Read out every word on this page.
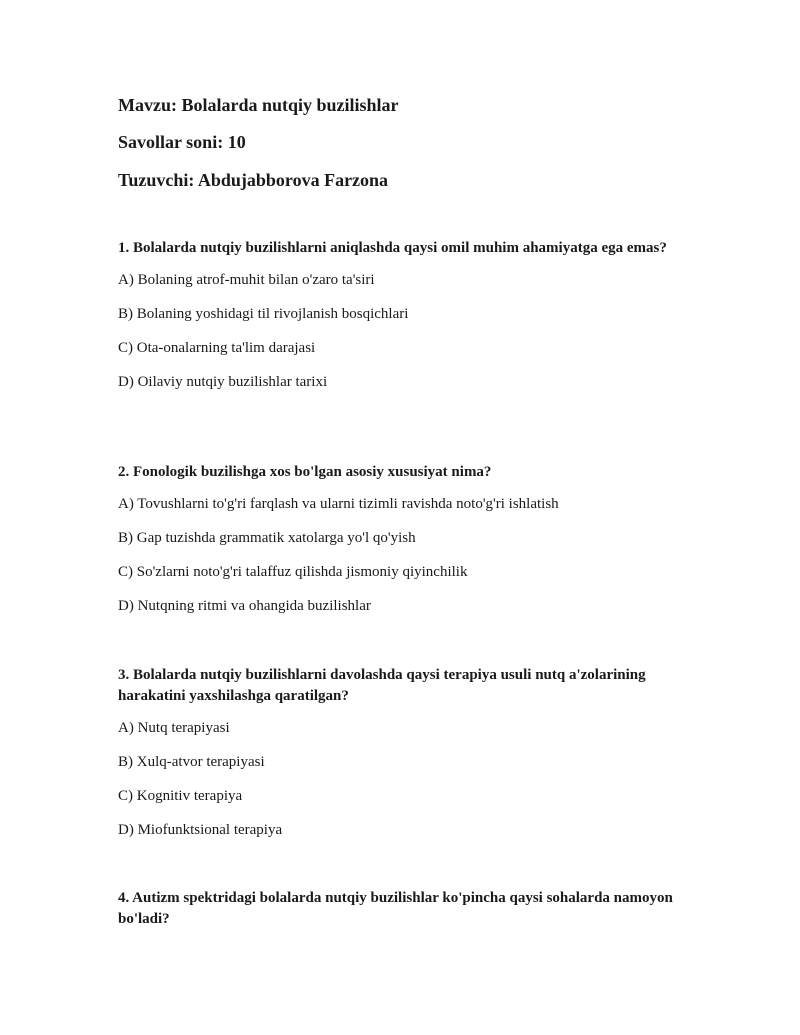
Mavzu: Bolalarda nutqiy buzilishlar
Savollar soni: 10
Tuzuvchi: Abdujabborova Farzona

1. Bolalarda nutqiy buzilishlarni aniqlashda qaysi omil muhim ahamiyatga ega emas?

A) Bolaning atrof-muhit bilan o'zaro ta'siri

B) Bolaning yoshidagi til rivojlanish bosqichlari

C) Ota-onalarning ta'lim darajasi

D) Oilaviy nutqiy buzilishlar tarixi

2. Fonologik buzilishga xos bo'lgan asosiy xususiyat nima?

A) Tovushlarni to'g'ri farqlash va ularni tizimli ravishda noto'g'ri ishlatish

B) Gap tuzishda grammatik xatolarga yo'l qo'yish

C) So'zlarni noto'g'ri talaffuz qilishda jismoniy qiyinchilik

D) Nutqning ritmi va ohangida buzilishlar

3. Bolalarda nutqiy buzilishlarni davolashda qaysi terapiya usuli nutq a'zolarining harakatini yaxshilashga qaratilgan?

A) Nutq terapiyasi

B) Xulq-atvor terapiyasi

C) Kognitiv terapiya

D) Miofunktsional terapiya

4. Autizm spektridagi bolalarda nutqiy buzilishlar ko'pincha qaysi sohalarda namoyon bo'ladi?
